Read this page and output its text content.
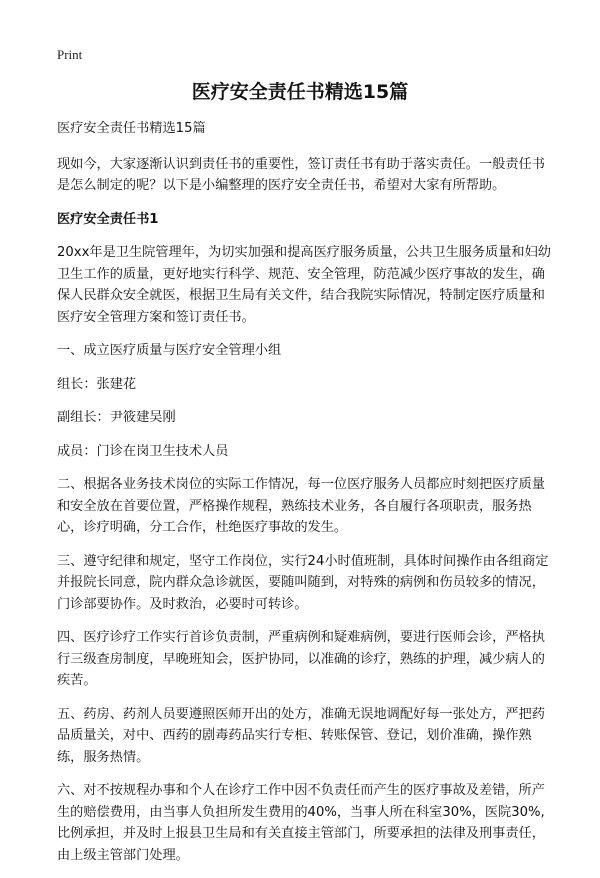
Print
医疗安全责任书精选15篇

医疗安全责任书精选15篇

现如今，大家逐渐认识到责任书的重要性，签订责任书有助于落实责任。一般责任书是怎么制定的呢？以下是小编整理的医疗安全责任书，希望对大家有所帮助。

医疗安全责任书1

20xx年是卫生院管理年，为切实加强和提高医疗服务质量，公共卫生服务质量和妇幼卫生工作的质量，更好地实行科学、规范、安全管理，防范减少医疗事故的发生，确保人民群众安全就医，根据卫生局有关文件，结合我院实际情况，特制定医疗质量和医疗安全管理方案和签订责任书。

一、成立医疗质量与医疗安全管理小组

组长：张建花

副组长：尹筱建吴刚

成员：门诊在岗卫生技术人员

二、根据各业务技术岗位的实际工作情况，每一位医疗服务人员都应时刻把医疗质量和安全放在首要位置，严格操作规程，熟练技术业务，各自履行各项职责，服务热心，诊疗明确，分工合作，杜绝医疗事故的发生。

三、遵守纪律和规定，坚守工作岗位，实行24小时值班制，具体时间操作由各组商定并报院长同意，院内群众急诊就医，要随叫随到，对特殊的病例和伤员较多的情况，门诊部要协作。及时救治，必要时可转诊。

四、医疗诊疗工作实行首诊负责制，严重病例和疑难病例，要进行医师会诊，严格执行三级查房制度，早晚班知会，医护协同，以准确的诊疗，熟练的护理，减少病人的疾苦。

五、药房、药剂人员要遵照医师开出的处方，准确无误地调配好每一张处方，严把药品质量关，对中、西药的剧毒药品实行专柜、转账保管、登记，划价准确，操作熟练，服务热情。

六、对不按规程办事和个人在诊疗工作中因不负责任而产生的医疗事故及差错，所产生的赔偿费用，由当事人负担所发生费用的40%，当事人所在科室30%，医院30%,比例承担，并及时上报县卫生局和有关直接主管部门，所要承担的法律及刑事责任，由上级主管部门处理。
